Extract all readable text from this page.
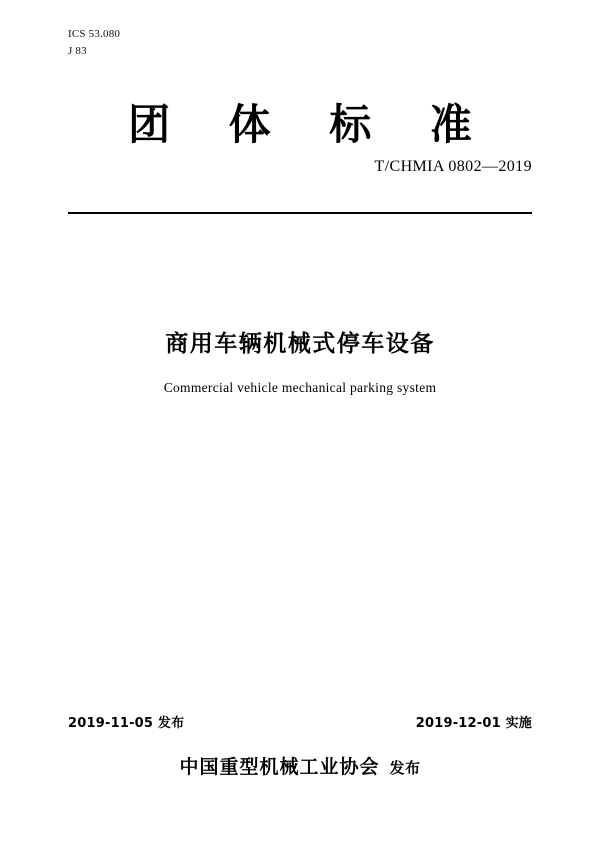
ICS 53.080
J 83
团 体 标 准
T/CHMIA 0802—2019
商用车辆机械式停车设备
Commercial vehicle mechanical parking system
2019-11-05 发布	2019-12-01 实施
中国重型机械工业协会 发布
